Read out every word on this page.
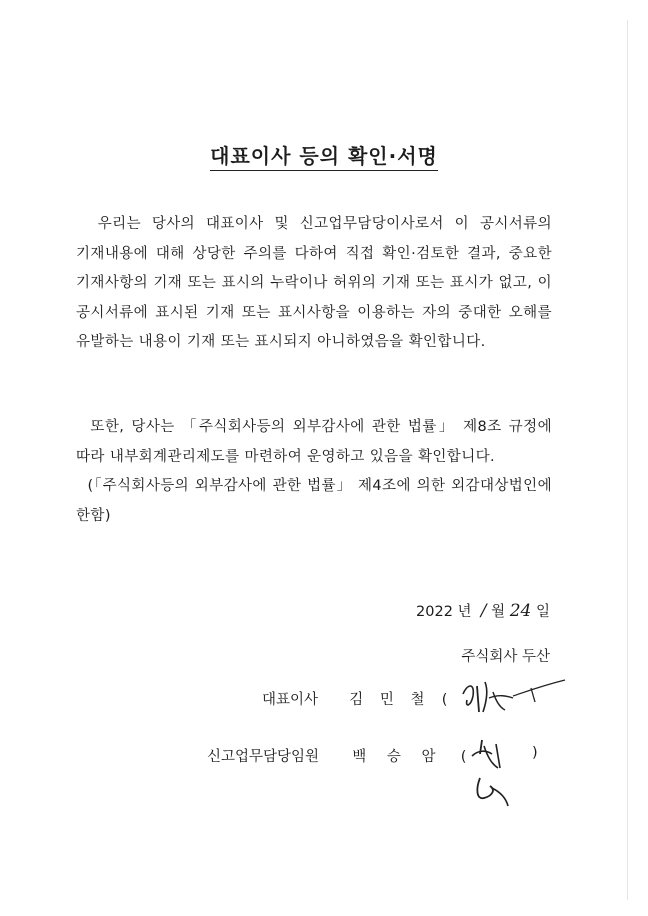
대표이사 등의 확인·서명
우리는 당사의 대표이사 및 신고업무담당이사로서 이 공시서류의 기재내용에 대해 상당한 주의를 다하여 직접 확인·검토한 결과, 중요한 기재사항의 기재 또는 표시의 누락이나 허위의 기재 또는 표시가 없고, 이 공시서류에 표시된 기재 또는 표시사항을 이용하는 자의 중대한 오해를 유발하는 내용이 기재 또는 표시되지 아니하였음을 확인합니다.
또한, 당사는 「주식회사등의 외부감사에 관한 법률」 제8조 규정에 따라 내부회계관리제도를 마련하여 운영하고 있음을 확인합니다.
(「주식회사등의 외부감사에 관한 법률」 제4조에 의한 외감대상법인에 한함)
2022 년 / 월 24 일
주식회사 두산
대표이사 김 민 철 (
신고업무담당임원 백 승 암 (	)
